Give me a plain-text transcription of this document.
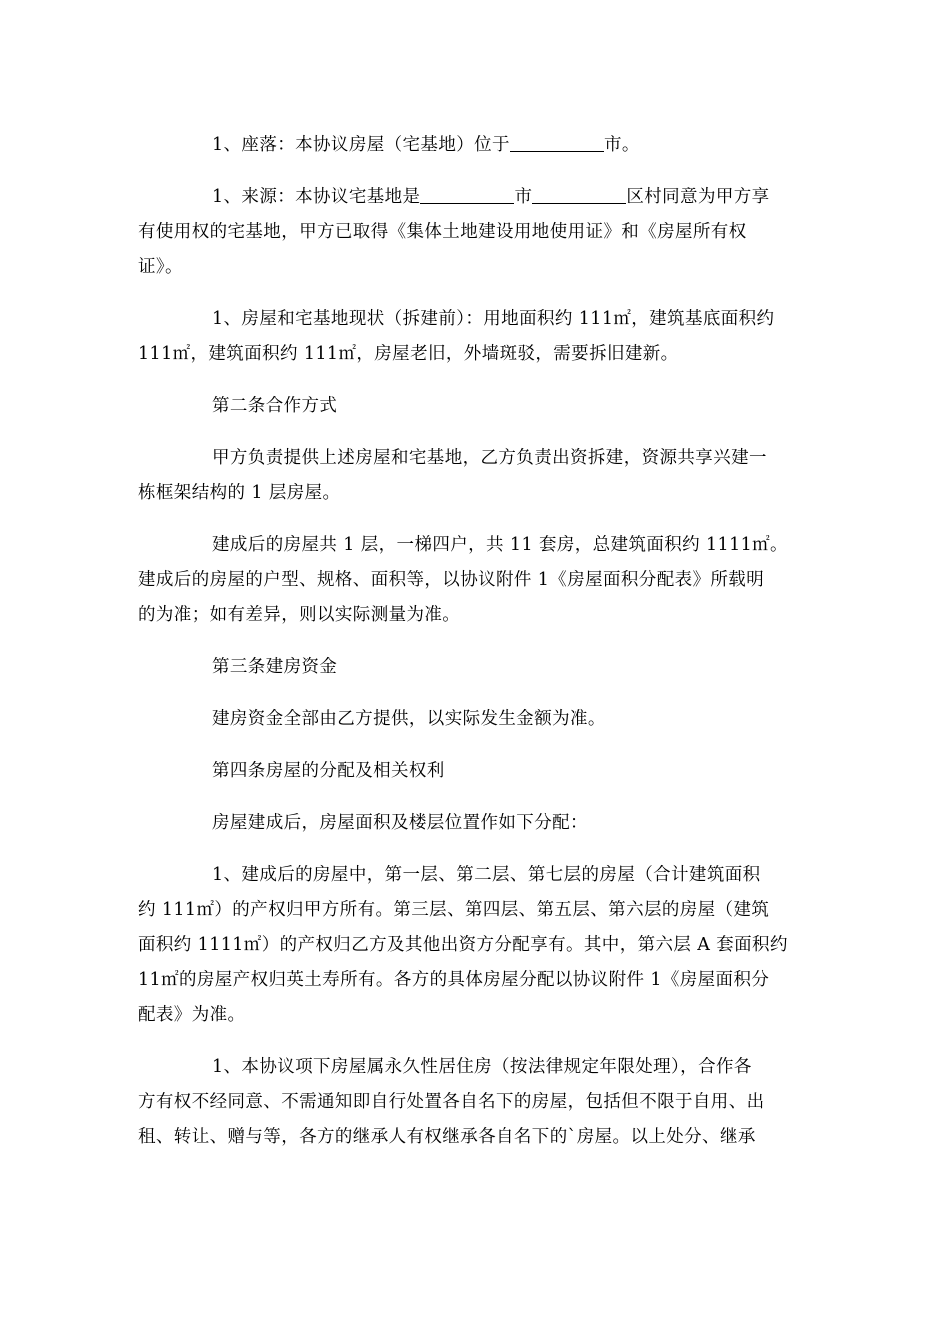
1、座落：本协议房屋（宅基地）位于	市。

1、来源：本协议宅基地是	市	区村同意为甲方享
有使用权的宅基地，甲方已取得《集体土地建设用地使用证》和《房屋所有权
证》。

1、房屋和宅基地现状（拆建前）：用地面积约 111㎡，建筑基底面积约
111㎡，建筑面积约 111㎡，房屋老旧，外墙斑驳，需要拆旧建新。

第二条合作方式

甲方负责提供上述房屋和宅基地，乙方负责出资拆建，资源共享兴建一
栋框架结构的 1 层房屋。

建成后的房屋共 1 层，一梯四户，共 11 套房，总建筑面积约 1111㎡。
建成后的房屋的户型、规格、面积等，以协议附件 1《房屋面积分配表》所载明
的为准；如有差异，则以实际测量为准。

第三条建房资金

建房资金全部由乙方提供，以实际发生金额为准。

第四条房屋的分配及相关权利

房屋建成后，房屋面积及楼层位置作如下分配：

1、建成后的房屋中，第一层、第二层、第七层的房屋（合计建筑面积
约 111㎡）的产权归甲方所有。第三层、第四层、第五层、第六层的房屋（建筑
面积约 1111㎡）的产权归乙方及其他出资方分配享有。其中，第六层 A 套面积约
11㎡的房屋产权归英土寿所有。各方的具体房屋分配以协议附件 1《房屋面积分
配表》为准。

1、本协议项下房屋属永久性居住房（按法律规定年限处理），合作各
方有权不经同意、不需通知即自行处置各自名下的房屋，包括但不限于自用、出
租、转让、赠与等，各方的继承人有权继承各自名下的`房屋。以上处分、继承
